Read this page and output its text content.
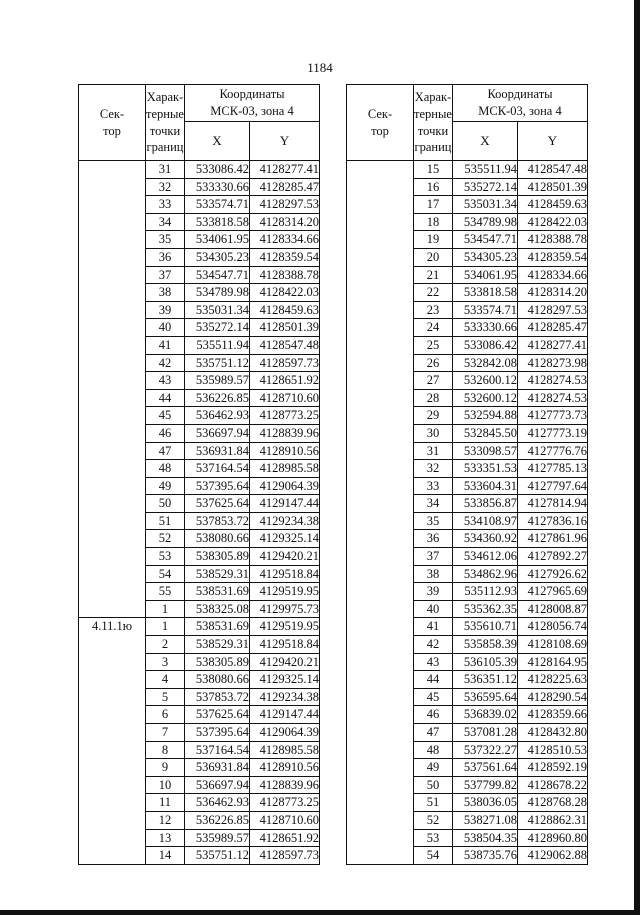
1184
Сек-
тор	Харак-
терные
точки
границ	Координаты
МСК-03, зона 4	
		X	Y
	31	533086.42	4128277.41
	32	533330.66	4128285.47
	33	533574.71	4128297.53
	34	533818.58	4128314.20
	35	534061.95	4128334.66
	36	534305.23	4128359.54
	37	534547.71	4128388.78
	38	534789.98	4128422.03
	39	535031.34	4128459.63
	40	535272.14	4128501.39
	41	535511.94	4128547.48
	42	535751.12	4128597.73
	43	535989.57	4128651.92
	44	536226.85	4128710.60
	45	536462.93	4128773.25
	46	536697.94	4128839.96
	47	536931.84	4128910.56
	48	537164.54	4128985.58
	49	537395.64	4129064.39
	50	537625.64	4129147.44
	51	537853.72	4129234.38
	52	538080.66	4129325.14
	53	538305.89	4129420.21
	54	538529.31	4129518.84
	55	538531.69	4129519.95
	1	538325.08	4129975.73
4.11.1ю	1	538531.69	4129519.95
	2	538529.31	4129518.84
	3	538305.89	4129420.21
	4	538080.66	4129325.14
	5	537853.72	4129234.38
	6	537625.64	4129147.44
	7	537395.64	4129064.39
	8	537164.54	4128985.58
	9	536931.84	4128910.56
	10	536697.94	4128839.96
	11	536462.93	4128773.25
	12	536226.85	4128710.60
	13	535989.57	4128651.92
	14	535751.12	4128597.73
Сек-
тор	Харак-
терные
точки
границ	Координаты
МСК-03, зона 4	
		X	Y
	15	535511.94	4128547.48
	16	535272.14	4128501.39
	17	535031.34	4128459.63
	18	534789.98	4128422.03
	19	534547.71	4128388.78
	20	534305.23	4128359.54
	21	534061.95	4128334.66
	22	533818.58	4128314.20
	23	533574.71	4128297.53
	24	533330.66	4128285.47
	25	533086.42	4128277.41
	26	532842.08	4128273.98
	27	532600.12	4128274.53
	28	532600.12	4128274.53
	29	532594.88	4127773.73
	30	532845.50	4127773.19
	31	533098.57	4127776.76
	32	533351.53	4127785.13
	33	533604.31	4127797.64
	34	533856.87	4127814.94
	35	534108.97	4127836.16
	36	534360.92	4127861.96
	37	534612.06	4127892.27
	38	534862.96	4127926.62
	39	535112.93	4127965.69
	40	535362.35	4128008.87
	41	535610.71	4128056.74
	42	535858.39	4128108.69
	43	536105.39	4128164.95
	44	536351.12	4128225.63
	45	536595.64	4128290.54
	46	536839.02	4128359.66
	47	537081.28	4128432.80
	48	537322.27	4128510.53
	49	537561.64	4128592.19
	50	537799.82	4128678.22
	51	538036.05	4128768.28
	52	538271.08	4128862.31
	53	538504.35	4128960.80
	54	538735.76	4129062.88
